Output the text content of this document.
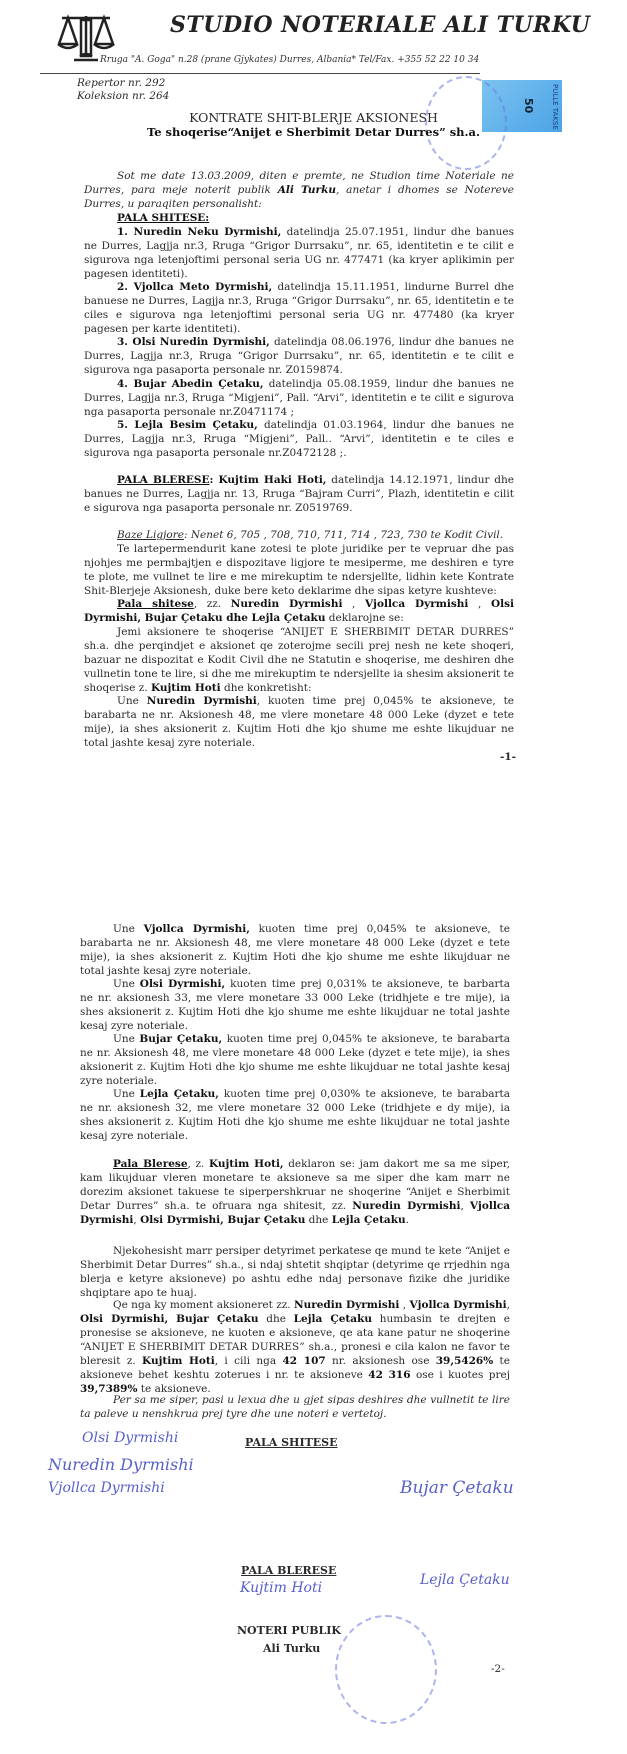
STUDIO NOTERIALE ALI TURKU
Rruga "A. Goga" n.28 (prane Gjykates) Durres, Albania* Tel/Fax. +355 52 22 10 34
PULLE TAKSE
50
Repertor nr. 292
Koleksion nr. 264
KONTRATE SHIT-BLERJE AKSIONESH
Te shoqerise“Anijet e Sherbimit Detar Durres” sh.a.
Sot me date 13.03.2009, diten e premte, ne Studion time Noteriale ne Durres, para meje noterit publik Ali Turku, anetar i dhomes se Notereve Durres, u paraqiten personalisht:
PALA SHITESE:
1. Nuredin Neku Dyrmishi, datelindja 25.07.1951, lindur dhe banues ne Durres, Lagjja nr.3, Rruga “Grigor Durrsaku”, nr. 65, identitetin e te cilit e sigurova nga letenjoftimi personal seria UG nr. 477471 (ka kryer aplikimin per pagesen identiteti).
2. Vjollca Meto Dyrmishi, datelindja 15.11.1951, lindurne Burrel dhe banuese ne Durres, Lagjja nr.3, Rruga “Grigor Durrsaku”, nr. 65, identitetin e te ciles e sigurova nga letenjoftimi personal seria UG nr. 477480 (ka kryer pagesen per karte identiteti).
3. Olsi Nuredin Dyrmishi, datelindja 08.06.1976, lindur dhe banues ne Durres, Lagjja nr.3, Rruga “Grigor Durrsaku”, nr. 65, identitetin e te cilit e sigurova nga pasaporta personale nr. Z0159874.
4. Bujar Abedin Çetaku, datelindja 05.08.1959, lindur dhe banues ne Durres, Lagjja nr.3, Rruga “Migjeni”, Pall. “Arvi”, identitetin e te cilit e sigurova nga pasaporta personale nr.Z0471174 ;
5. Lejla Besim Çetaku, datelindja 01.03.1964, lindur dhe banues ne Durres, Lagjja nr.3, Rruga “Migjeni”, Pall.. “Arvi”, identitetin e te ciles e sigurova nga pasaporta personale nr.Z0472128 ;.
PALA BLERESE: Kujtim Haki Hoti, datelindja 14.12.1971, lindur dhe banues ne Durres, Lagjja nr. 13, Rruga “Bajram Curri”, Plazh, identitetin e cilit e sigurova nga pasaporta personale nr. Z0519769.
Baze Ligjore: Nenet 6, 705 , 708, 710, 711, 714 , 723, 730 te Kodit Civil.
Te lartepermendurit kane zotesi te plote juridike per te vepruar dhe pas njohjes me permbajtjen e dispozitave ligjore te mesiperme, me deshiren e tyre te plote, me vullnet te lire e me mirekuptim te ndersjellte, lidhin kete Kontrate Shit-Blerjeje Aksionesh, duke bere keto deklarime dhe sipas ketyre kushteve:
Pala shitese, zz. Nuredin Dyrmishi , Vjollca Dyrmishi , Olsi Dyrmishi, Bujar Çetaku dhe Lejla Çetaku deklarojne se:
Jemi aksionere te shoqerise “ANIJET E SHERBIMIT DETAR DURRES” sh.a. dhe perqindjet e aksionet qe zoterojme secili prej nesh ne kete shoqeri, bazuar ne dispozitat e Kodit Civil dhe ne Statutin e shoqerise, me deshiren dhe vullnetin tone te lire, si dhe me mirekuptim te ndersjellte ia shesim aksionerit te shoqerise z. Kujtim Hoti dhe konkretisht:
Une Nuredin Dyrmishi, kuoten time prej 0,045% te aksioneve, te barabarta ne nr. Aksionesh 48, me vlere monetare 48 000 Leke (dyzet e tete mije), ia shes aksionerit z. Kujtim Hoti dhe kjo shume me eshte likujduar ne total jashte kesaj zyre noteriale.
-1-
Une Vjollca Dyrmishi, kuoten time prej 0,045% te aksioneve, te barabarta ne nr. Aksionesh 48, me vlere monetare 48 000 Leke (dyzet e tete mije), ia shes aksionerit z. Kujtim Hoti dhe kjo shume me eshte likujduar ne total jashte kesaj zyre noteriale.
Une Olsi Dyrmishi, kuoten time prej 0,031% te aksioneve, te barbarta ne nr. aksionesh 33, me vlere monetare 33 000 Leke (tridhjete e tre mije), ia shes aksionerit z. Kujtim Hoti dhe kjo shume me eshte likujduar ne total jashte kesaj zyre noteriale.
Une Bujar Çetaku, kuoten time prej 0,045% te aksioneve, te barabarta ne nr. Aksionesh 48, me vlere monetare 48 000 Leke (dyzet e tete mije), ia shes aksionerit z. Kujtim Hoti dhe kjo shume me eshte likujduar ne total jashte kesaj zyre noteriale.
Une Lejla Çetaku, kuoten time prej 0,030% te aksioneve, te barabarta ne nr. aksionesh 32, me vlere monetare 32 000 Leke (tridhjete e dy mije), ia shes aksionerit z. Kujtim Hoti dhe kjo shume me eshte likujduar ne total jashte kesaj zyre noteriale.
Pala Blerese, z. Kujtim Hoti, deklaron se: jam dakort me sa me siper, kam likujduar vleren monetare te aksioneve sa me siper dhe kam marr ne dorezim aksionet takuese te siperpershkruar ne shoqerine “Anijet e Sherbimit Detar Durres” sh.a. te ofruara nga shitesit, zz. Nuredin Dyrmishi, Vjollca Dyrmishi, Olsi Dyrmishi, Bujar Çetaku dhe Lejla Çetaku.
Njekohesisht marr persiper detyrimet perkatese qe mund te kete “Anijet e Sherbimit Detar Durres” sh.a., si ndaj shtetit shqiptar (detyrime qe rrjedhin nga blerja e ketyre aksioneve) po ashtu edhe ndaj personave fizike dhe juridike shqiptare apo te huaj.
Qe nga ky moment aksioneret zz. Nuredin Dyrmishi , Vjollca Dyrmishi, Olsi Dyrmishi, Bujar Çetaku dhe Lejla Çetaku humbasin te drejten e pronesise se aksioneve, ne kuoten e aksioneve, qe ata kane patur ne shoqerine “ANIJET E SHERBIMIT DETAR DURRES” sh.a., pronesi e cila kalon ne favor te bleresit z. Kujtim Hoti, i cili nga 42 107 nr. aksionesh ose 39,5426% te aksioneve behet keshtu zoterues i nr. te aksioneve 42 316 ose i kuotes prej 39,7389% te aksioneve.
Per sa me siper, pasi u lexua dhe u gjet sipas deshires dhe vullnetit te lire ta paleve u nenshkrua prej tyre dhe une noteri e vertetoj.
PALA SHITESE
Olsi Dyrmishi
Nuredin Dyrmishi
Vjollca Dyrmishi	Bujar Çetaku
Lejla Çetaku
PALA BLERESE
Kujtim Hoti
NOTERI PUBLIK
Ali Turku
-2-
